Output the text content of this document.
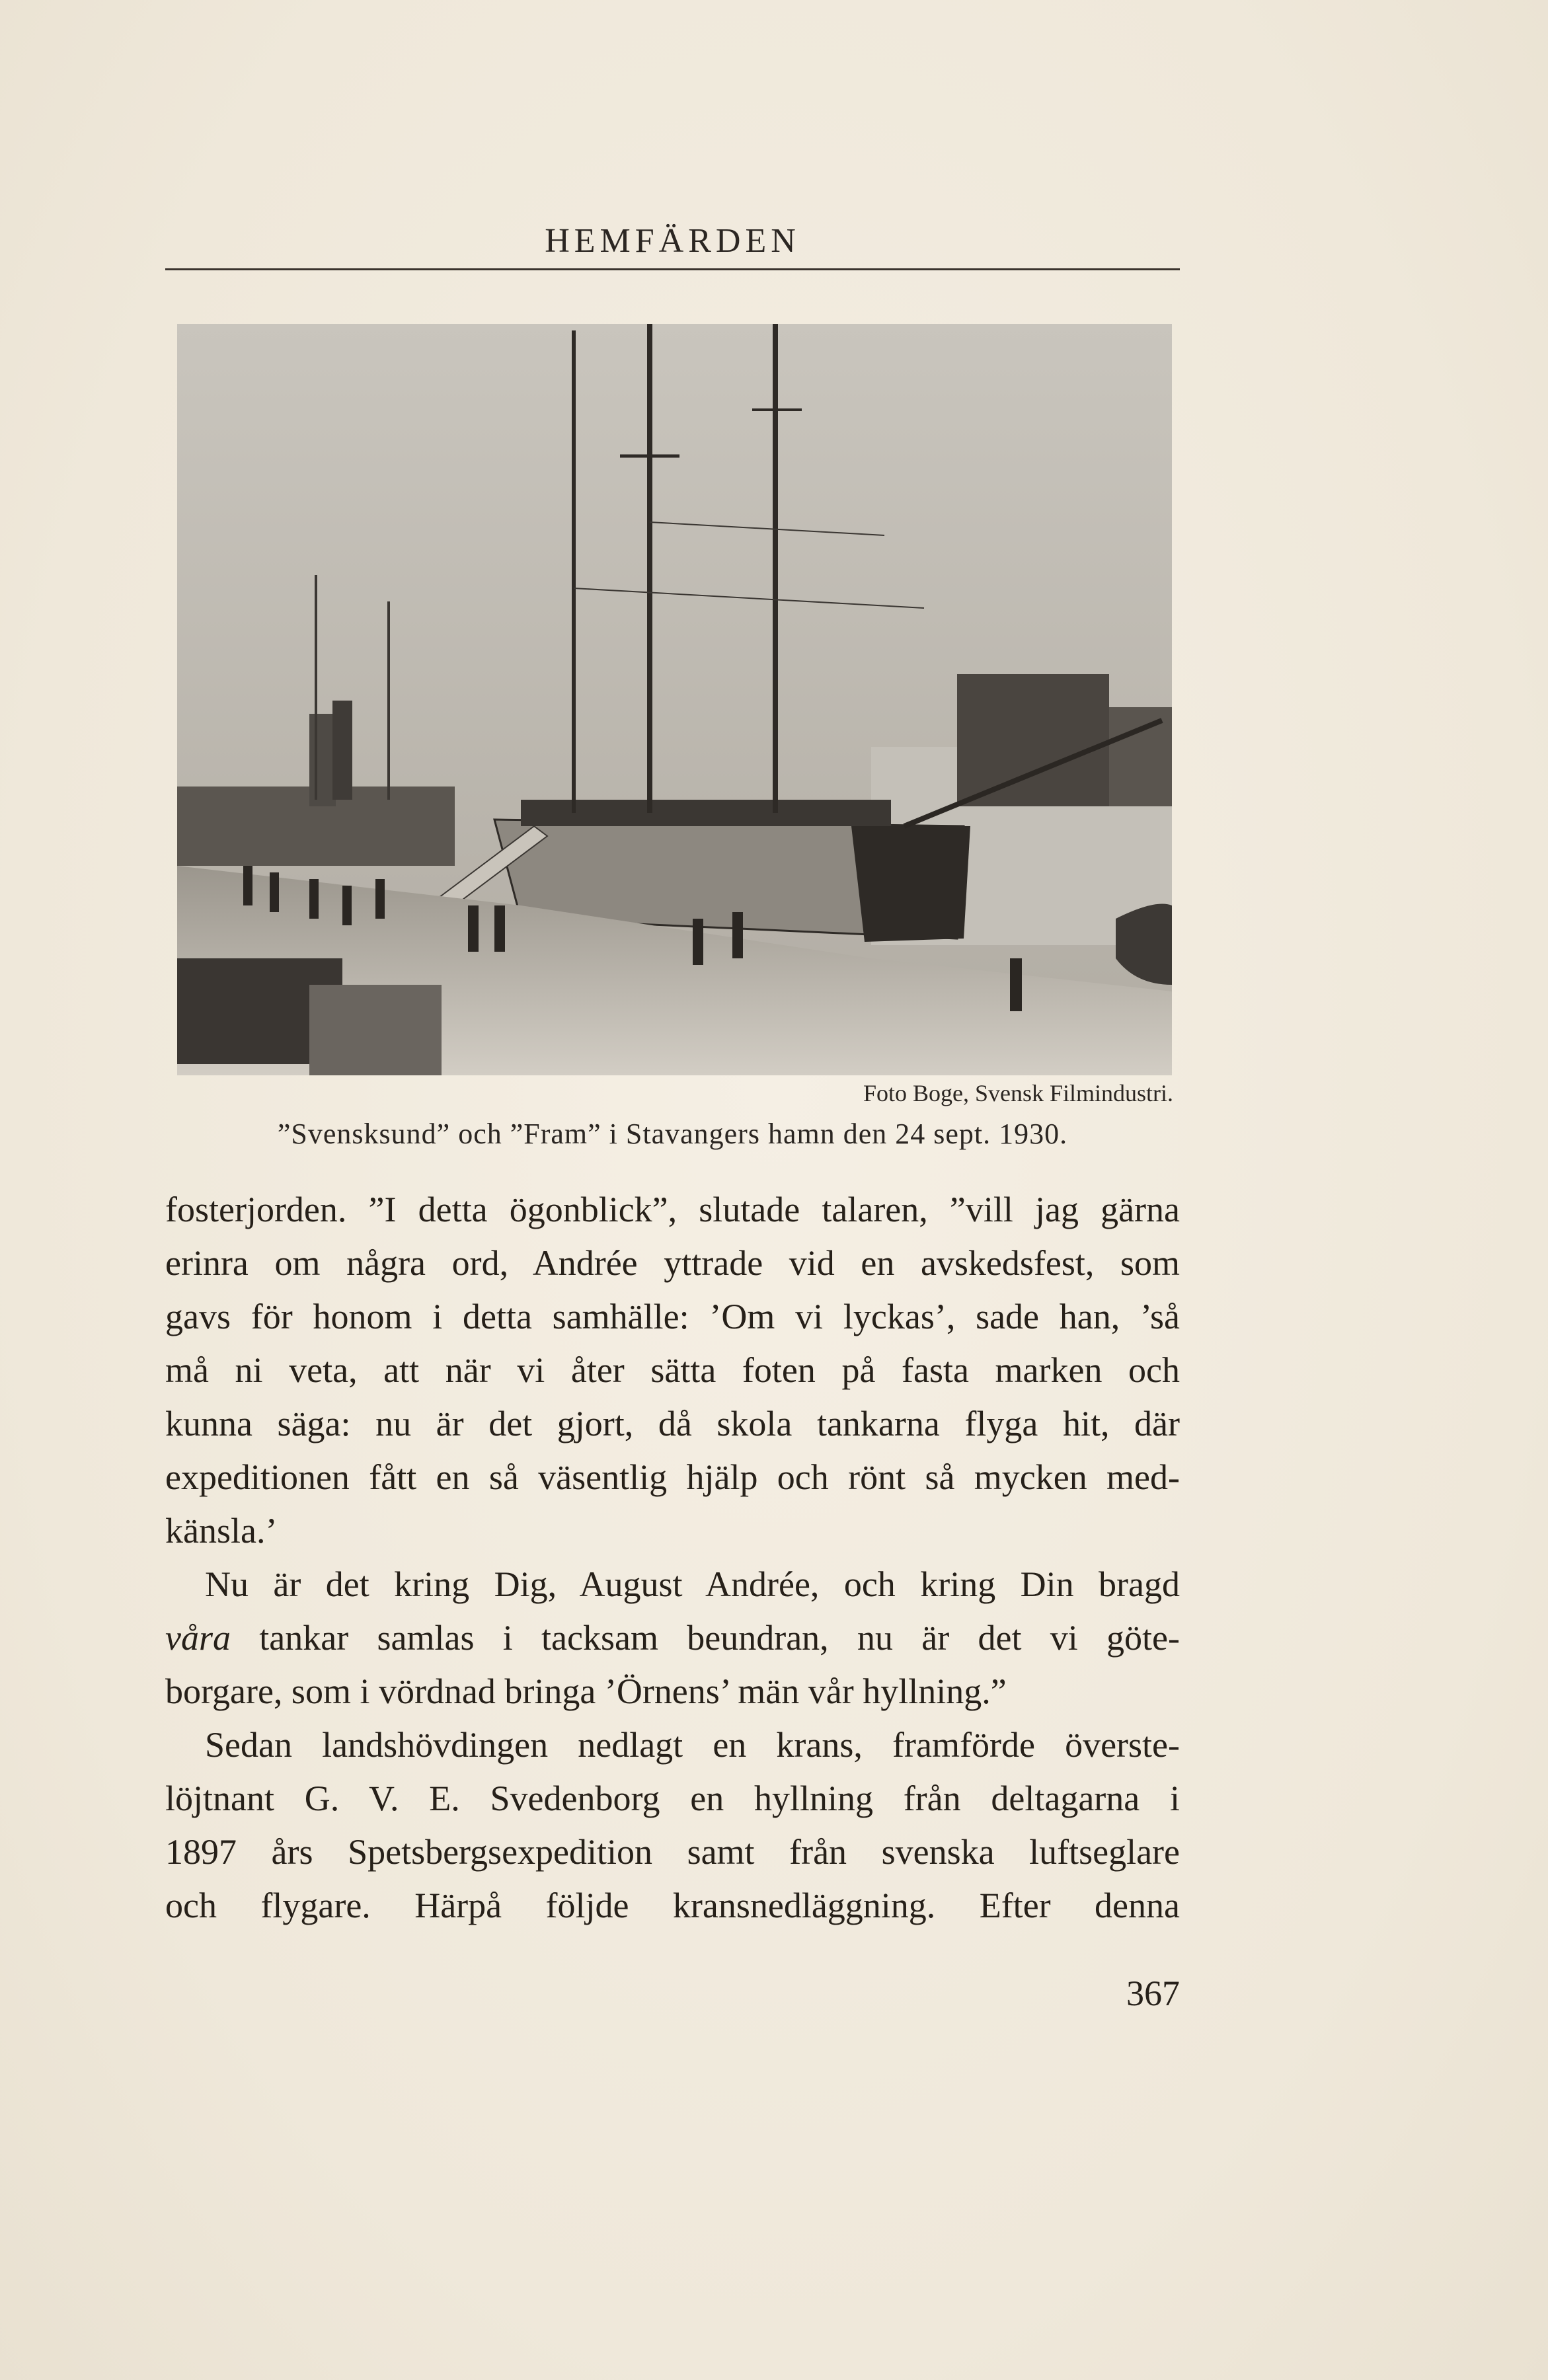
HEMFÄRDEN
Foto Boge, Svensk Filmindustri.
”Svensksund” och ”Fram” i Stavangers hamn den 24 sept. 1930.

fosterjorden. ”I detta ögonblick”, slutade talaren, ”vill jag gärna

erinra om några ord, Andrée yttrade vid en avskedsfest, som

gavs för honom i detta samhälle: ’Om vi lyckas’, sade han, ’så

må ni veta, att när vi åter sätta foten på fasta marken och

kunna säga: nu är det gjort, då skola tankarna flyga hit, där

expeditionen fått en så väsentlig hjälp och rönt så mycken med-

känsla.’

Nu är det kring Dig, August Andrée, och kring Din bragd

våra tankar samlas i tacksam beundran, nu är det vi göte-

borgare, som i vördnad bringa ’Örnens’ män vår hyllning.”

Sedan landshövdingen nedlagt en krans, framförde överste-

löjtnant G. V. E. Svedenborg en hyllning från deltagarna i

1897 års Spetsbergsexpedition samt från svenska luftseglare

och flygare. Härpå följde kransnedläggning. Efter denna

367
